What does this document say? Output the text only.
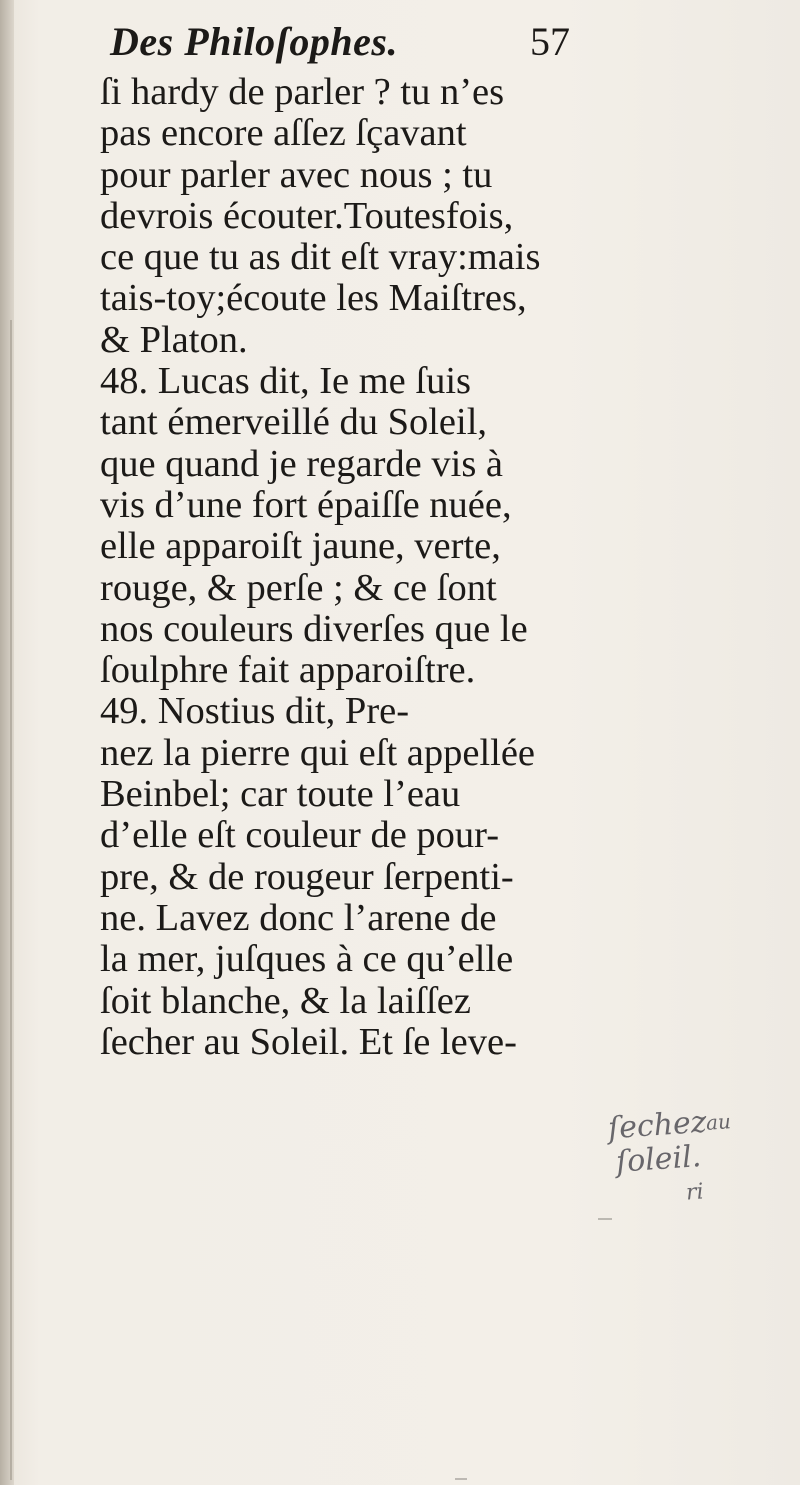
Des Philoſophes.	57
ſi hardy de parler ? tu n’es
pas encore aſſez ſçavant
pour parler avec nous ; tu
devrois écouter.Toutesfois,
ce que tu as dit eſt vray:mais
tais-toy;écoute les Maiſtres,
& Platon.
48. Lucas dit, Ie me ſuis
tant émerveillé du Soleil,
que quand je regarde vis à
vis d’une fort épaiſſe nuée,
elle apparoiſt jaune, verte,
rouge, & perſe ; & ce ſont
nos couleurs diverſes que le
ſoulphre fait apparoiſtre.
49. Nostius dit, Pre-
nez la pierre qui eſt appellée
Beinbel; car toute l’eau
d’elle eſt couleur de pour-
pre, & de rougeur ſerpenti-
ne. Lavez donc l’arene de
la mer, juſques à ce qu’elle
ſoit blanche, & la laiſſez
ſecher au Soleil. Et ſe leve-
ſechez
au
ſoleil.
ri
